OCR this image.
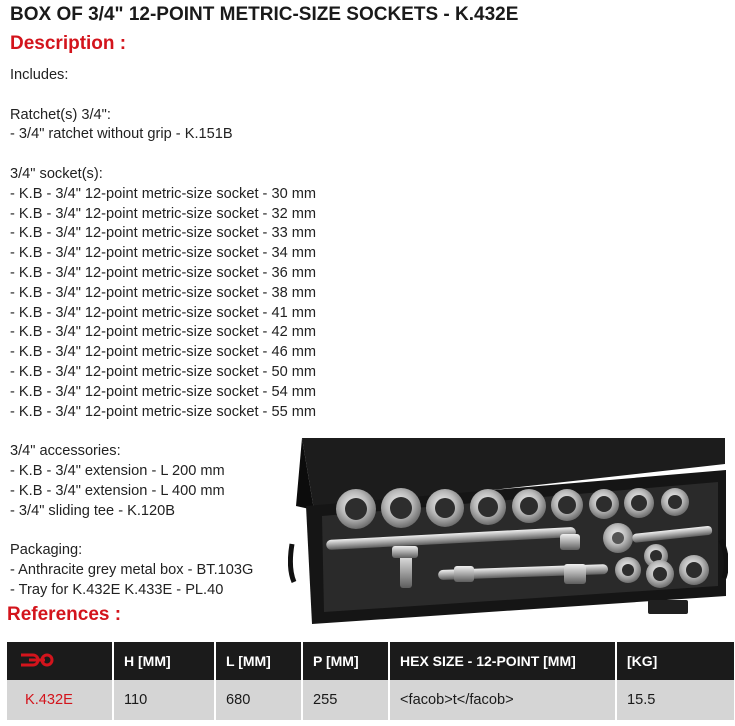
BOX OF 3/4" 12-POINT METRIC-SIZE SOCKETS - K.432E
Description :
Includes:
Ratchet(s) 3/4":
- 3/4" ratchet without grip - K.151B
3/4" socket(s):
- K.B - 3/4" 12-point metric-size socket - 30 mm
- K.B - 3/4" 12-point metric-size socket - 32 mm
- K.B - 3/4" 12-point metric-size socket - 33 mm
- K.B - 3/4" 12-point metric-size socket - 34 mm
- K.B - 3/4" 12-point metric-size socket - 36 mm
- K.B - 3/4" 12-point metric-size socket - 38 mm
- K.B - 3/4" 12-point metric-size socket - 41 mm
- K.B - 3/4" 12-point metric-size socket - 42 mm
- K.B - 3/4" 12-point metric-size socket - 46 mm
- K.B - 3/4" 12-point metric-size socket - 50 mm
- K.B - 3/4" 12-point metric-size socket - 54 mm
- K.B - 3/4" 12-point metric-size socket - 55 mm
3/4" accessories:
- K.B - 3/4" extension - L 200 mm
- K.B - 3/4" extension - L 400 mm
- 3/4" sliding tee - K.120B
Packaging:
- Anthracite grey metal box - BT.103G
- Tray for K.432E K.433E - PL.40
References :
	H [MM]	L [MM]	P [MM]	HEX SIZE - 12-POINT [MM]	[KG]
K.432E	110	680	255	<facob>t</facob>	15.5
